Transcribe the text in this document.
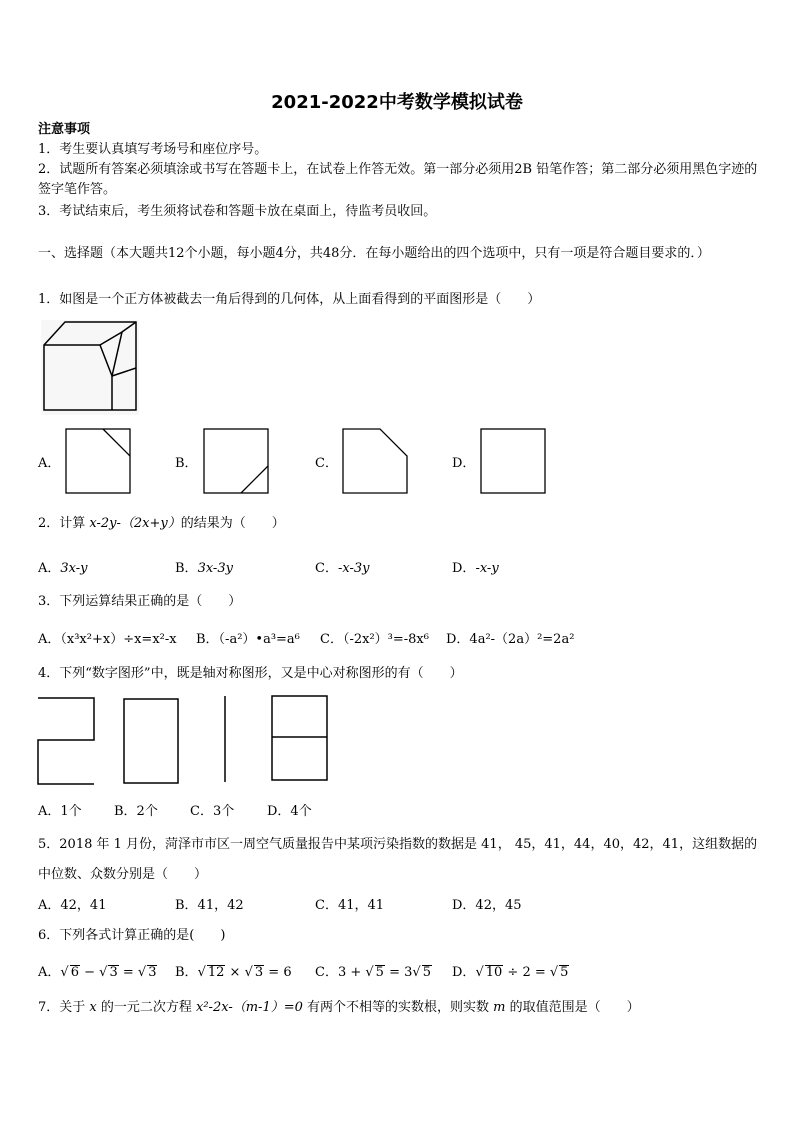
2021-2022中考数学模拟试卷
注意事项
1．考生要认真填写考场号和座位序号。
2．试题所有答案必须填涂或书写在答题卡上，在试卷上作答无效。第一部分必须用2B 铅笔作答；第二部分必须用黑色字迹的签字笔作答。
3．考试结束后，考生须将试卷和答题卡放在桌面上，待监考员收回。
一、选择题（本大题共12个小题，每小题4分，共48分．在每小题给出的四个选项中，只有一项是符合题目要求的．）
1．如图是一个正方体被截去一角后得到的几何体，从上面看得到的平面图形是（　　）
A．	B．	C．	D．
2．计算 x-2y-（2x+y）的结果为（　　）
A．3x-y	B．3x-3y	C．-x-3y	D．-x-y
3．下列运算结果正确的是（　　）
A．（x³x²+x）÷x=x²-x B．（-a²）•a³=a⁶ C．（-2x²）³=-8x⁶ D．4a²-（2a）²=2a²
4．下列“数字图形”中，既是轴对称图形，又是中心对称图形的有（　　）
A．1个 B．2个 C．3个	D．4个
5．2018 年 1 月份，菏泽市市区一周空气质量报告中某项污染指数的数据是 41， 45，41，44，40，42，41，这组数据的中位数、众数分别是（　　）
A．42，41	B．41，42	C．41，41	D．42，45
6．下列各式计算正确的是(　　)
A．√ 6 − √ 3 = √ 3 B．√ 12 × √ 3 = 6 C．3 + √ 5 = 3√ 5 D．√ 10 ÷ 2 = √ 5
7．关于 x 的一元二次方程 x²-2x-（m-1）=0 有两个不相等的实数根，则实数 m 的取值范围是（　　）
